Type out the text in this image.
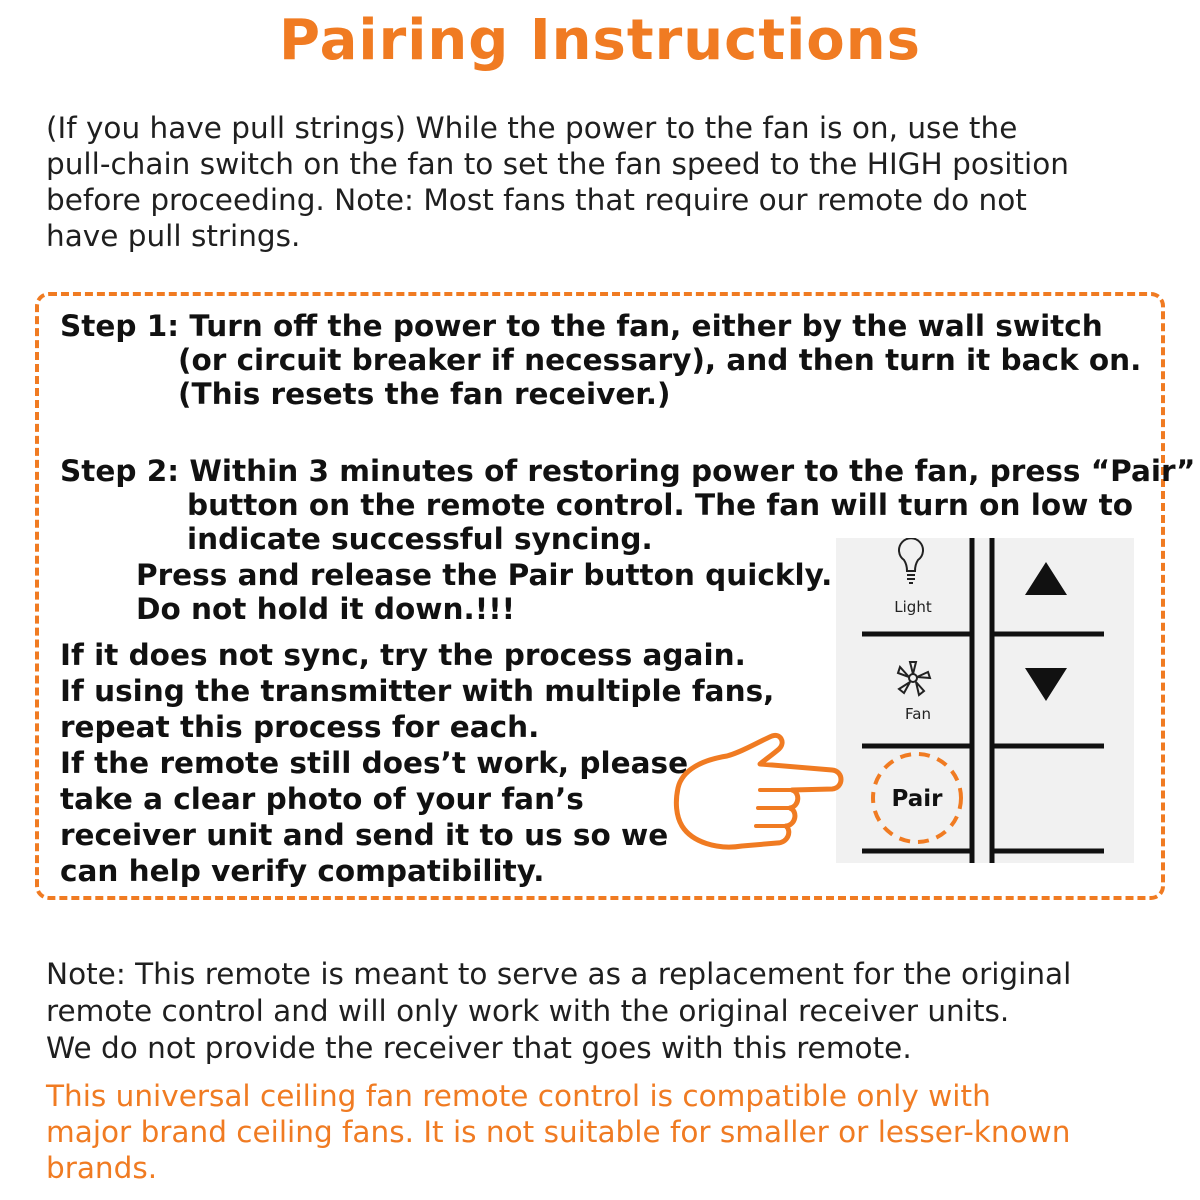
Pairing Instructions
(If you have pull strings) While the power to the fan is on, use the
pull-chain switch on the fan to set the fan speed to the HIGH position
before proceeding. Note: Most fans that require our remote do not
have pull strings.
Step 1: Turn off the power to the fan, either by the wall switch
(or circuit breaker if necessary), and then turn it back on.
(This resets the fan receiver.)
Step 2: Within 3 minutes of restoring power to the fan, press “Pair”
button on the remote control. The fan will turn on low to
indicate successful syncing.
Press and release the Pair button quickly.
Do not hold it down.!!!
If it does not sync, try the process again.
If using the transmitter with multiple fans,
repeat this process for each.
If the remote still does’t work, please
take a clear photo of your fan’s
receiver unit and send it to us so we
can help verify compatibility.
Light
Fan
Pair
Note: This remote is meant to serve as a replacement for the original
remote control and will only work with the original receiver units.
We do not provide the receiver that goes with this remote.
This universal ceiling fan remote control is compatible only with
major brand ceiling fans. It is not suitable for smaller or lesser-known
brands.
